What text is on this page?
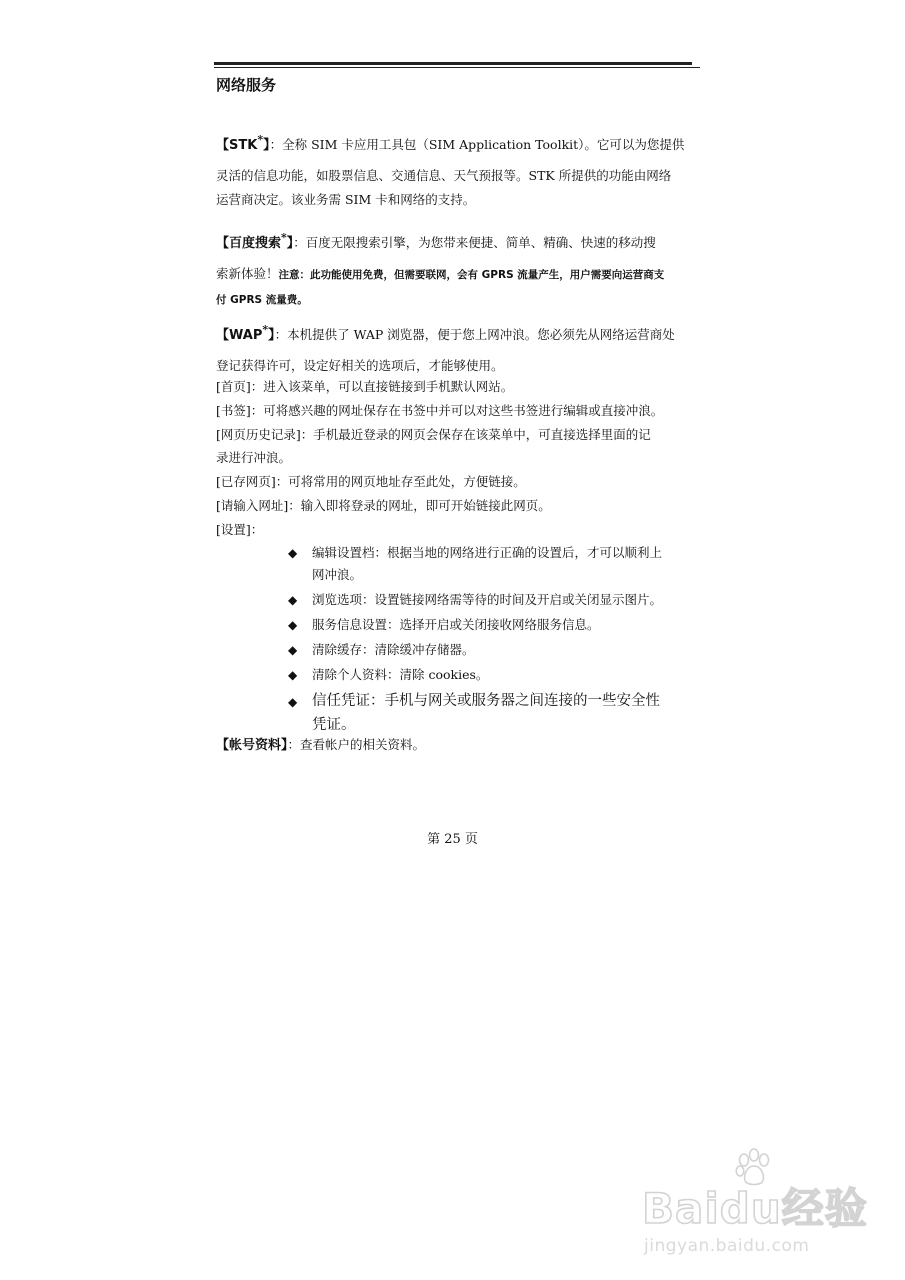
网络服务
【STK*】：全称 SIM 卡应用工具包（SIM Application Toolkit）。它可以为您提供
灵活的信息功能，如股票信息、交通信息、天气预报等。STK 所提供的功能由网络
运营商决定。该业务需 SIM 卡和网络的支持。
【百度搜索*】：百度无限搜索引擎，为您带来便捷、简单、精确、快速的移动搜
索新体验！注意：此功能使用免费，但需要联网，会有 GPRS 流量产生，用户需要向运营商支
付 GPRS 流量费。
【WAP*】：本机提供了 WAP 浏览器，便于您上网冲浪。您必须先从网络运营商处
登记获得许可，设定好相关的选项后，才能够使用。
[首页]：进入该菜单，可以直接链接到手机默认网站。
[书签]：可将感兴趣的网址保存在书签中并可以对这些书签进行编辑或直接冲浪。
[网页历史记录]：手机最近登录的网页会保存在该菜单中，可直接选择里面的记
录进行冲浪。
[已存网页]：可将常用的网页地址存至此处，方便链接。
[请输入网址]：输入即将登录的网址，即可开始链接此网页。
[设置]：
◆ 编辑设置档：根据当地的网络进行正确的设置后，才可以顺利上
网冲浪。
◆ 浏览选项：设置链接网络需等待的时间及开启或关闭显示图片。
◆ 服务信息设置：选择开启或关闭接收网络服务信息。
◆ 清除缓存：清除缓冲存储器。
◆ 清除个人资料：清除 cookies。
◆ 信任凭证：手机与网关或服务器之间连接的一些安全性
凭证。
【帐号资料】：查看帐户的相关资料。
第 25 页
Baidu经验
jingyan.baidu.com
